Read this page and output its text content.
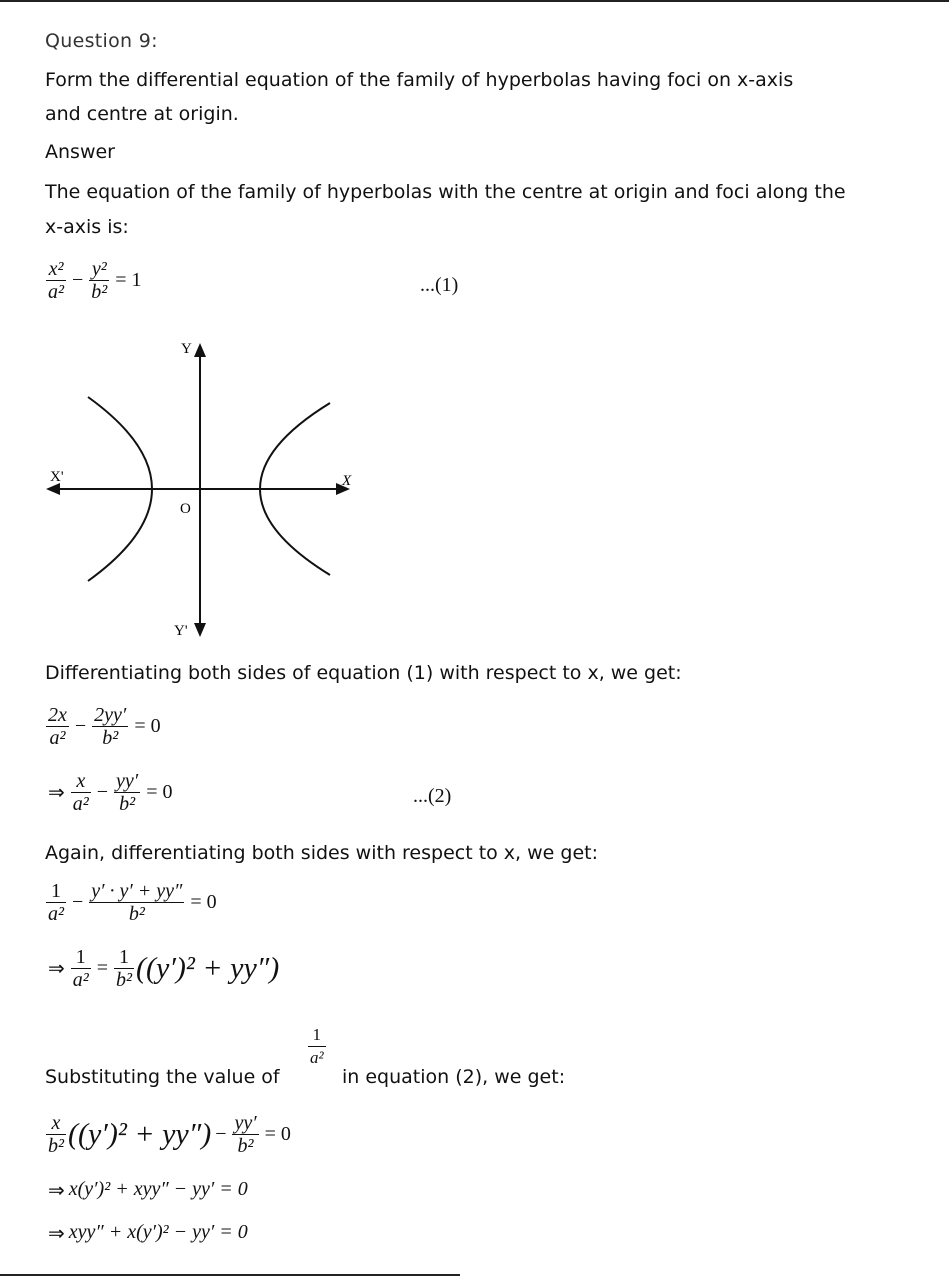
Question 9:
Form the differential equation of the family of hyperbolas having foci on x-axis
and centre at origin.
Answer
The equation of the family of hyperbolas with the centre at origin and foci along the
x-axis is:
$\frac{\text{x²}}{\text{a²}} - \frac{\text{y²}}{\text{b²}} = 1$	...(1)
Y
Y'
X
X'
O
Differentiating both sides of equation (1) with respect to x, we get:
$\frac{2x}{\text{a²}} - \frac{2yy'}{\text{b²}} = 0$
⇒ $\frac{x}{\text{a²}} - \frac{yy'}{\text{b²}} = 0$	...(2)
Again, differentiating both sides with respect to x, we get:
$\frac{1}{\text{a²}} - \frac{y' \cdot y' + yy''}{\text{b²}} = 0$
⇒ $\frac{1}{\text{a²}} = \frac{1}{\text{b²}} ((y')^2 + yy'')$
Substituting the value of
$\frac{1}{\text{a²}}$
in equation (2), we get:
$\frac{x}{\text{b²}} ((y')^2 + yy'') - \frac{yy'}{\text{b²}} = 0$
⇒ x(y′)² + xyy″ − yy′ = 0
⇒ xyy″ + x(y′)² − yy′ = 0
